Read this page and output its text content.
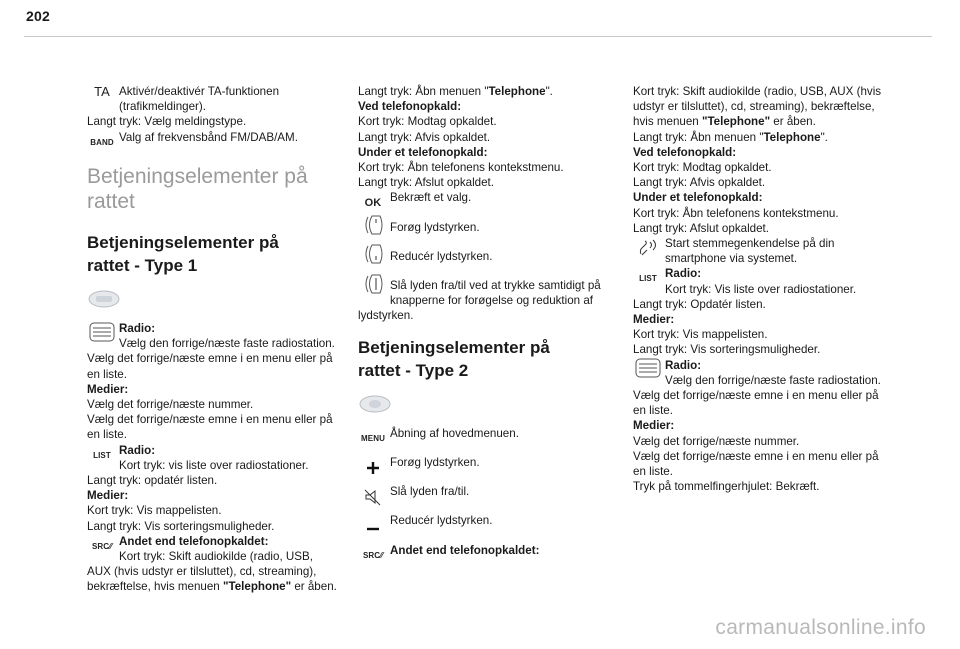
202
TA Aktivér/deaktivér TA-funktionen
(trafikmeldinger).
Langt tryk: Vælg meldingstype.
BAND Valg af frekvensbånd FM/DAB/AM.
Betjeningselementer på
rattet
Betjeningselementer på
rattet - Type 1
Radio:
Vælg den forrige/næste faste radiostation.
Vælg det forrige/næste emne i en menu eller på
en liste.
Medier:
Vælg det forrige/næste nummer.
Vælg det forrige/næste emne i en menu eller på
en liste.
LIST Radio:
Kort tryk: vis liste over radiostationer.
Langt tryk: opdatér listen.
Medier:
Kort tryk: Vis mappelisten.
Langt tryk: Vis sorteringsmuligheder.
SRC ⁄⁄ Andet end telefonopkaldet:
Kort tryk: Skift audiokilde (radio, USB,
AUX (hvis udstyr er tilsluttet), cd, streaming),
bekræftelse, hvis menuen "Telephone" er åben.
Langt tryk: Åbn menuen "Telephone".
Ved telefonopkald:
Kort tryk: Modtag opkaldet.
Langt tryk: Afvis opkaldet.
Under et telefonopkald:
Kort tryk: Åbn telefonens kontekstmenu.
Langt tryk: Afslut opkaldet.
OK Bekræft et valg.
Forøg lydstyrken.
Reducér lydstyrken.
Slå lyden fra/til ved at trykke samtidigt på
knapperne for forøgelse og reduktion af
lydstyrken.
Betjeningselementer på
rattet - Type 2
MENU Åbning af hovedmenuen.
Forøg lydstyrken.
Slå lyden fra/til.
Reducér lydstyrken.
SRC ⁄⁄ Andet end telefonopkaldet:
Kort tryk: Skift audiokilde (radio, USB, AUX (hvis
udstyr er tilsluttet), cd, streaming), bekræftelse,
hvis menuen "Telephone" er åben.
Langt tryk: Åbn menuen "Telephone".
Ved telefonopkald:
Kort tryk: Modtag opkaldet.
Langt tryk: Afvis opkaldet.
Under et telefonopkald:
Kort tryk: Åbn telefonens kontekstmenu.
Langt tryk: Afslut opkaldet.
Start stemmegenkendelse på din
smartphone via systemet.
LIST Radio:
Kort tryk: Vis liste over radiostationer.
Langt tryk: Opdatér listen.
Medier:
Kort tryk: Vis mappelisten.
Langt tryk: Vis sorteringsmuligheder.
Radio:
Vælg den forrige/næste faste radiostation.
Vælg det forrige/næste emne i en menu eller på
en liste.
Medier:
Vælg det forrige/næste nummer.
Vælg det forrige/næste emne i en menu eller på
en liste.
Tryk på tommelfingerhjulet: Bekræft.
carmanualsonline.info
